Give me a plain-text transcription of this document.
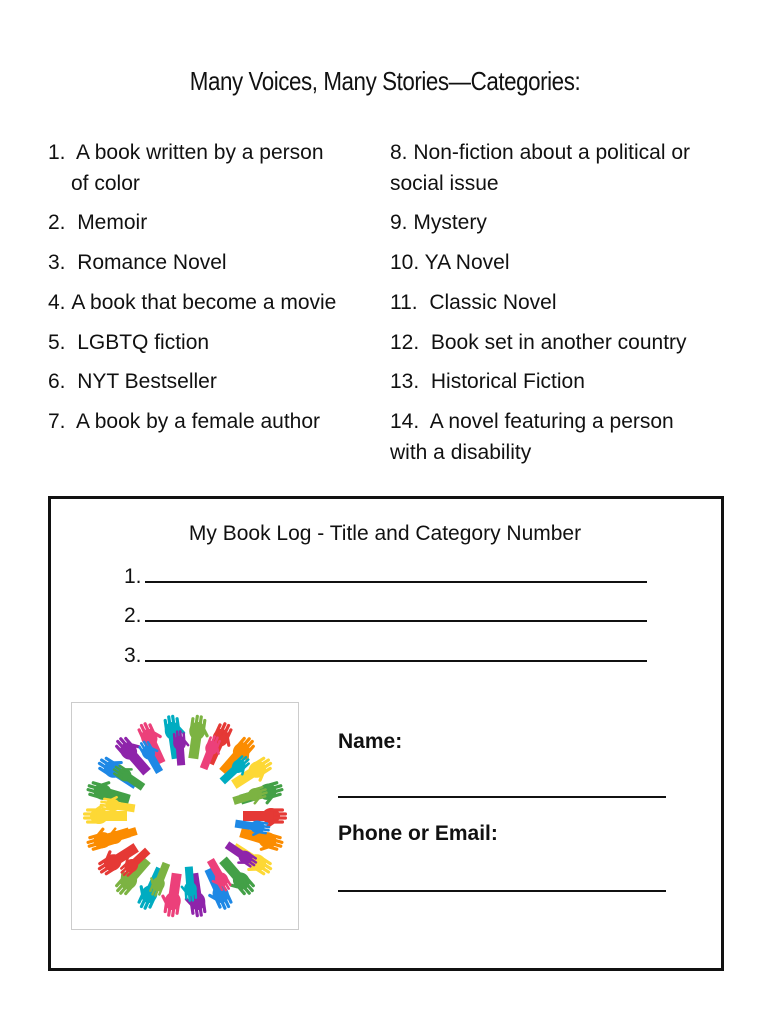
Many Voices, Many Stories—Categories:
1. A book written by a person
of color
2. Memoir
3. Romance Novel
4. A book that become a movie
5. LGBTQ fiction
6. NYT Bestseller
7. A book by a female author
8. Non-fiction about a political or
social issue
9. Mystery
10. YA Novel
11. Classic Novel
12. Book set in another country
13. Historical Fiction
14. A novel featuring a person
with a disability
My Book Log - Title and Category Number
1.
2.
3.
Name:
Phone or Email:
